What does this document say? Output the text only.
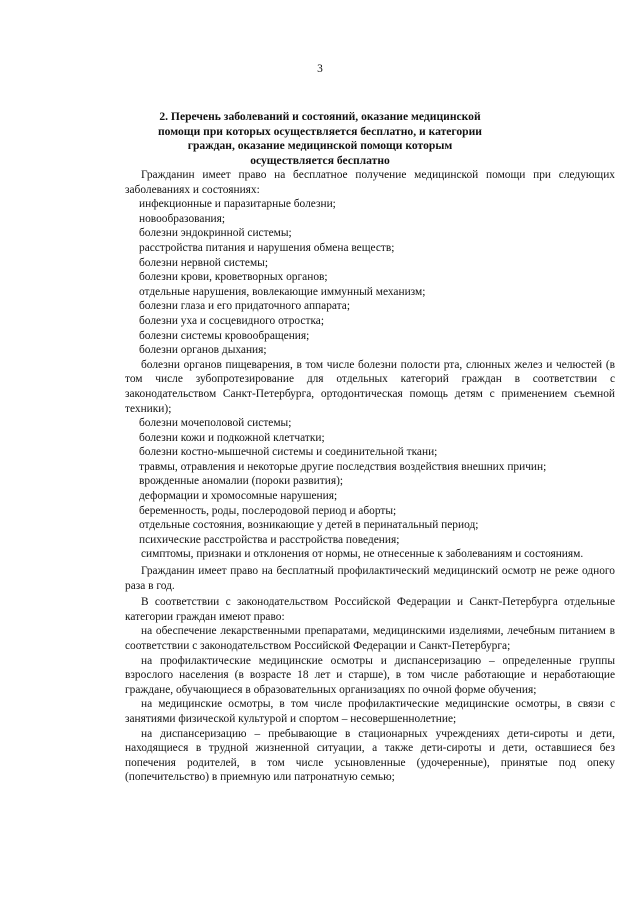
3
2. Перечень заболеваний и состояний, оказание медицинской
помощи при которых осуществляется бесплатно, и категории
граждан, оказание медицинской помощи которым
осуществляется бесплатно

Гражданин имеет право на бесплатное получение медицинской помощи при следующих заболеваниях и состояниях:

инфекционные и паразитарные болезни;
новообразования;
болезни эндокринной системы;
расстройства питания и нарушения обмена веществ;
болезни нервной системы;
болезни крови, кроветворных органов;
отдельные нарушения, вовлекающие иммунный механизм;
болезни глаза и его придаточного аппарата;
болезни уха и сосцевидного отростка;
болезни системы кровообращения;
болезни органов дыхания;

болезни органов пищеварения, в том числе болезни полости рта, слюнных желез и челюстей (в том числе зубопротезирование для отдельных категорий граждан в соответствии с законодательством Санкт-Петербурга, ортодонтическая помощь детям с применением съемной техники);

болезни мочеполовой системы;
болезни кожи и подкожной клетчатки;
болезни костно-мышечной системы и соединительной ткани;
травмы, отравления и некоторые другие последствия воздействия внешних причин;
врожденные аномалии (пороки развития);
деформации и хромосомные нарушения;
беременность, роды, послеродовой период и аборты;
отдельные состояния, возникающие у детей в перинатальный период;
психические расстройства и расстройства поведения;

симптомы, признаки и отклонения от нормы, не отнесенные к заболеваниям и состояниям.

Гражданин имеет право на бесплатный профилактический медицинский осмотр не реже одного раза в год.

В соответствии с законодательством Российской Федерации и Санкт-Петербурга отдельные категории граждан имеют право:

на обеспечение лекарственными препаратами, медицинскими изделиями, лечебным питанием в соответствии с законодательством Российской Федерации и Санкт-Петербурга;

на профилактические медицинские осмотры и диспансеризацию – определенные группы взрослого населения (в возрасте 18 лет и старше), в том числе работающие и неработающие граждане, обучающиеся в образовательных организациях по очной форме обучения;

на медицинские осмотры, в том числе профилактические медицинские осмотры, в связи с занятиями физической культурой и спортом – несовершеннолетние;

на диспансеризацию – пребывающие в стационарных учреждениях дети-сироты и дети, находящиеся в трудной жизненной ситуации, а также дети-сироты и дети, оставшиеся без попечения родителей, в том числе усыновленные (удочеренные), принятые под опеку (попечительство) в приемную или патронатную семью;
